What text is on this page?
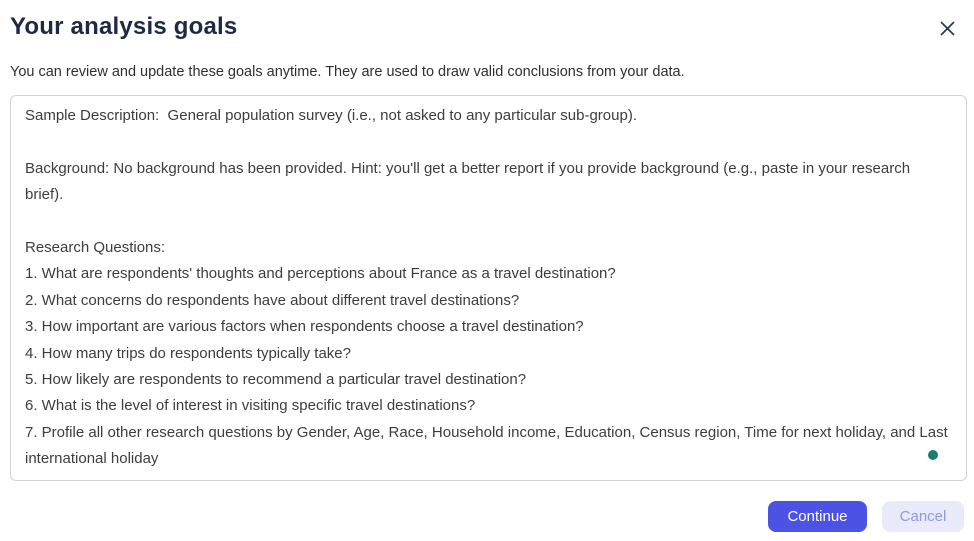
Your analysis goals
You can review and update these goals anytime. They are used to draw valid conclusions from your data.

Sample Description:  General population survey (i.e., not asked to any particular sub-group).

Background: No background has been provided. Hint: you'll get a better report if you provide background (e.g., paste in your research brief).

Research Questions:

1. What are respondents' thoughts and perceptions about France as a travel destination?

2. What concerns do respondents have about different travel destinations?

3. How important are various factors when respondents choose a travel destination?

4. How many trips do respondents typically take?

5. How likely are respondents to recommend a particular travel destination?

6. What is the level of interest in visiting specific travel destinations?

7. Profile all other research questions by Gender, Age, Race, Household income, Education, Census region, Time for next holiday, and Last international holiday

Continue	Cancel
